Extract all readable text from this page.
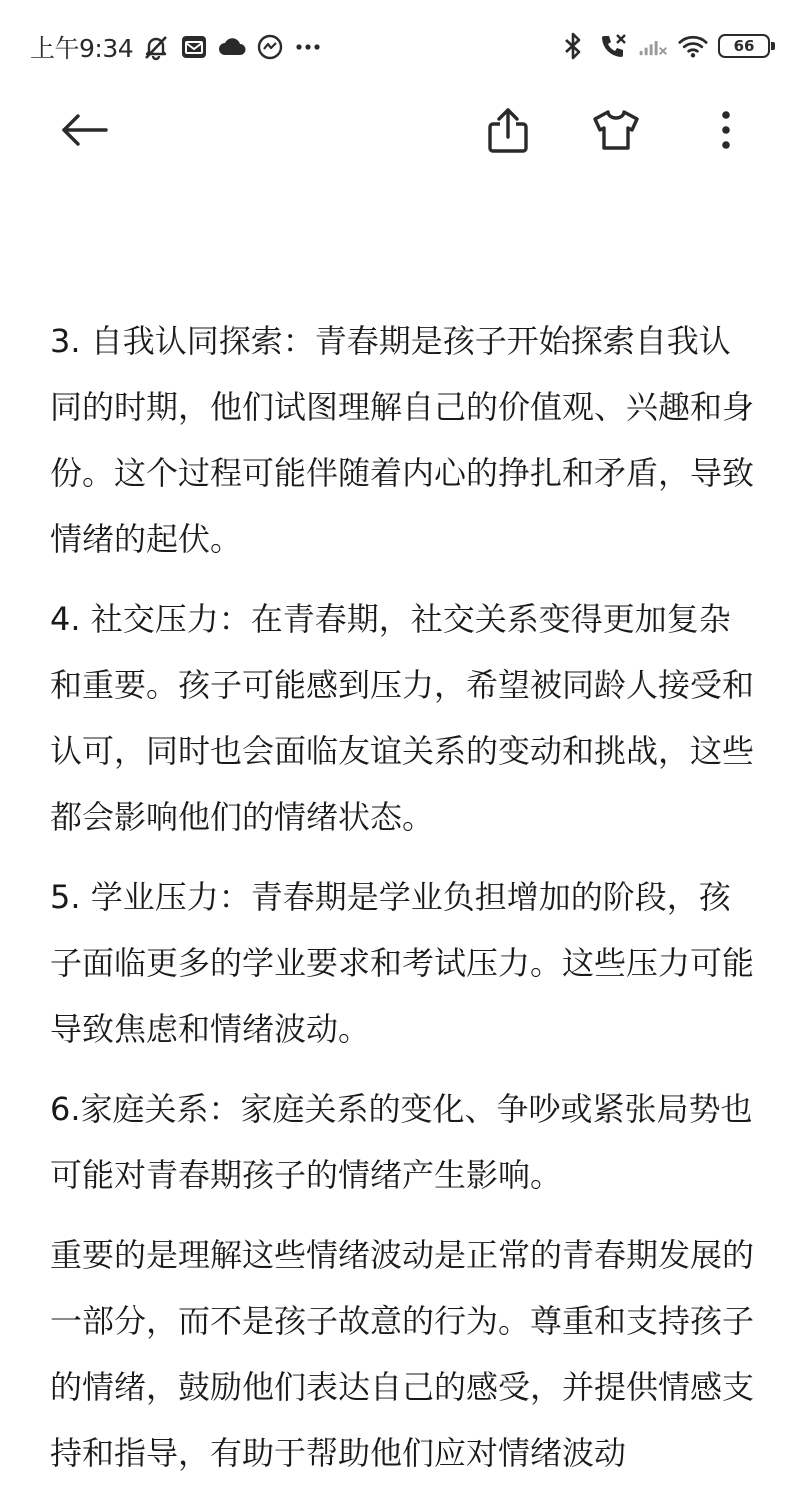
上午9:34	66

3. 自我认同探索：青春期是孩子开始探索自我认同的时期，他们试图理解自己的价值观、兴趣和身份。这个过程可能伴随着内心的挣扎和矛盾，导致情绪的起伏。

4. 社交压力：在青春期，社交关系变得更加复杂和重要。孩子可能感到压力，希望被同龄人接受和认可，同时也会面临友谊关系的变动和挑战，这些都会影响他们的情绪状态。

5. 学业压力：青春期是学业负担增加的阶段，孩子面临更多的学业要求和考试压力。这些压力可能导致焦虑和情绪波动。

6.家庭关系：家庭关系的变化、争吵或紧张局势也可能对青春期孩子的情绪产生影响。

重要的是理解这些情绪波动是正常的青春期发展的一部分，而不是孩子故意的行为。尊重和支持孩子的情绪，鼓励他们表达自己的感受，并提供情感支持和指导，有助于帮助他们应对情绪波动
